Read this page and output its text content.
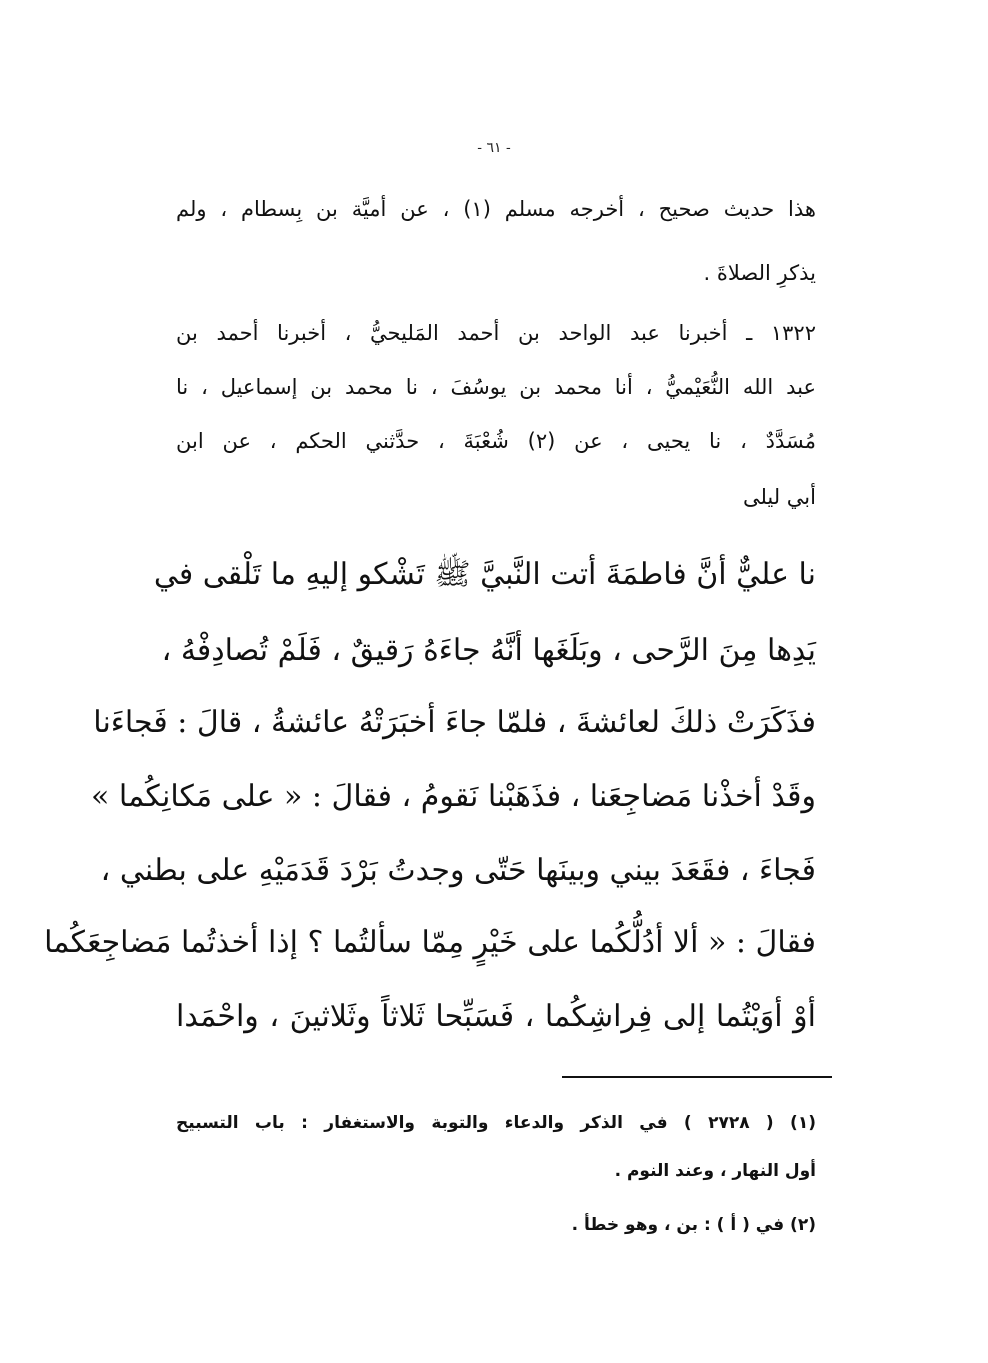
- ٦١ -
هذا حديث صحيح ، أخرجه مسلم (١) ، عن أميَّة بن بِسطام ، ولم
يذكرِ الصلاةَ .
١٣٢٢ ـ أخبرنا عبد الواحد بن أحمد المَليحيُّ ، أخبرنا أحمد بن
عبد الله النُّعَيْميُّ ، أنا محمد بن يوسُفَ ، نا محمد بن إسماعيل ، نا
مُسَدَّدٌ ، نا يحيى ، عن (٢) شُعْبَةَ ، حدَّثني الحكم ، عن ابن
أبي ليلى
نا عليٌّ أنَّ فاطمَةَ أتت النَّبيَّ ﷺ تَشْكو إليهِ ما تَلْقى في
يَدِها مِنَ الرَّحى ، وبَلَغَها أنَّهُ جاءَهُ رَقيقٌ ، فَلَمْ تُصادِفْهُ ،
فذَكَرَتْ ذلكَ لعائشةَ ، فلمّا جاءَ أخبَرَتْهُ عائشةُ ، قالَ : فَجاءَنا
وقَدْ أخذْنا مَضاجِعَنا ، فذَهَبْنا نَقومُ ، فقالَ : « على مَكانِكُما »
فَجاءَ ، فقَعَدَ بيني وبينَها حَتّى وجدتُ بَرْدَ قَدَمَيْهِ على بطني ،
فقالَ : « ألا أدُلُّكُما على خَيْرٍ مِمّا سألتُما ؟ إذا أخذتُما مَضاجِعَكُما
أوْ أوَيْتُما إلى فِراشِكُما ، فَسَبِّحا ثَلاثاً وثَلاثينَ ، واحْمَدا
(١) ( ٢٧٢٨ ) في الذكر والدعاء والتوبة والاستغفار : باب التسبيح
أول النهار ، وعند النوم .
(٢) في ( أ ) : بن ، وهو خطأ .
